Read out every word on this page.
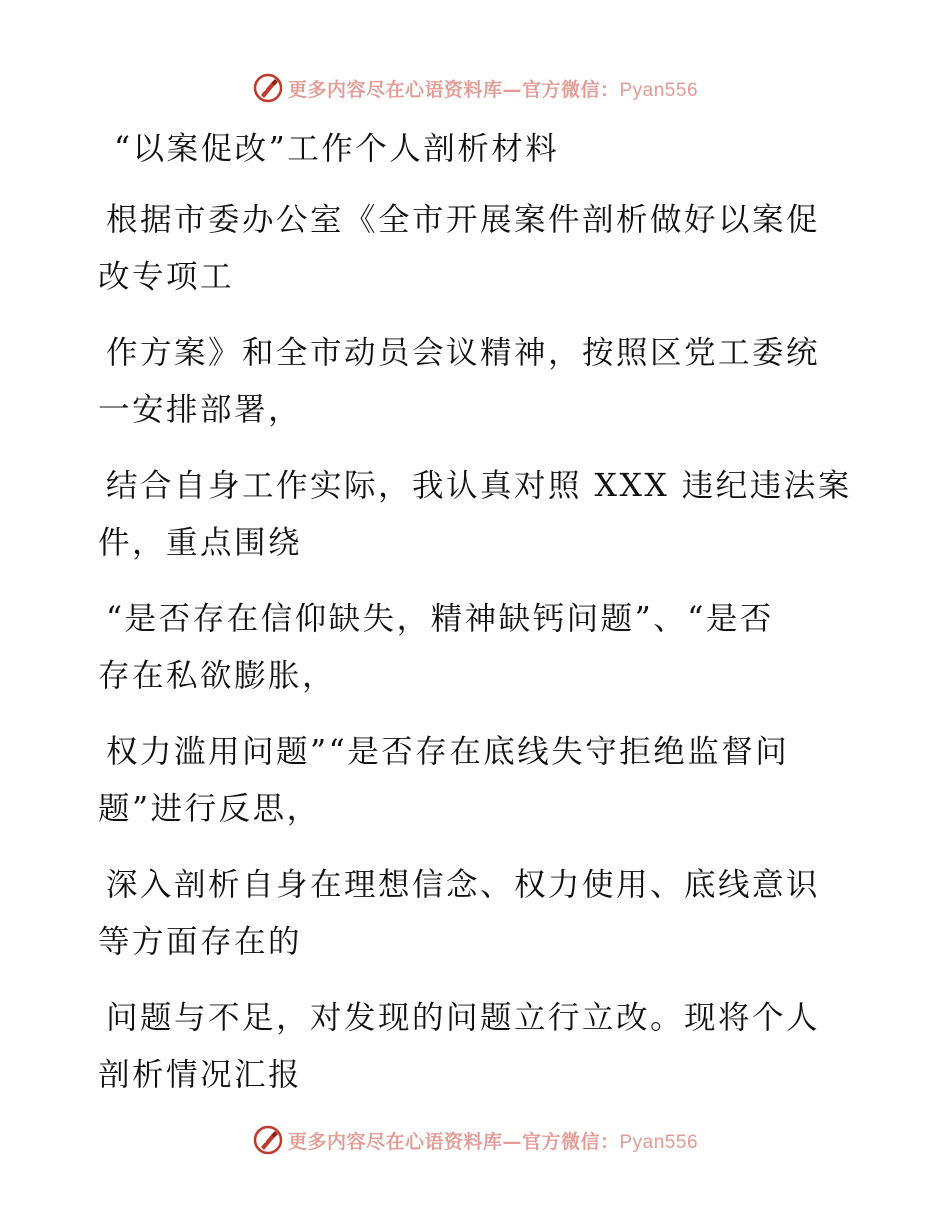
更多内容尽在心语资料库—官方微信：Pyan556
“以案促改”工作个人剖析材料
根据市委办公室《全市开展案件剖析做好以案促
改专项工
作方案》和全市动员会议精神，按照区党工委统
一安排部署，
结合自身工作实际，我认真对照 XXX 违纪违法案
件，重点围绕
“是否存在信仰缺失，精神缺钙问题”、“是否
存在私欲膨胀，
权力滥用问题”“是否存在底线失守拒绝监督问
题”进行反思，
深入剖析自身在理想信念、权力使用、底线意识
等方面存在的
问题与不足，对发现的问题立行立改。现将个人
剖析情况汇报
更多内容尽在心语资料库—官方微信：Pyan556
